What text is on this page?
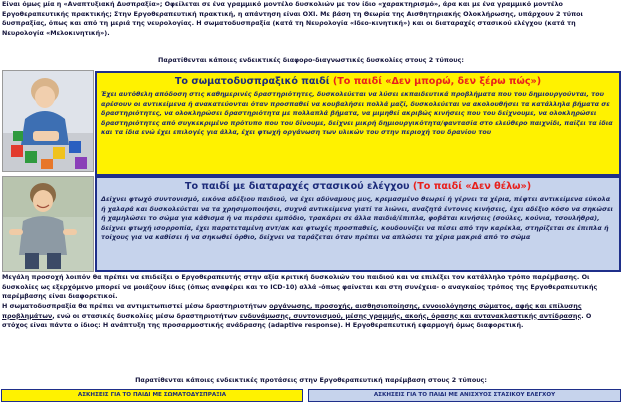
Είναι όμως μία η «Αναπτυξιακή Δυσπραξία»; Οφείλεται σε ένα γραμμικό μοντέλο δυσκολιών με τον ίδιο «χαρακτηρισμό», άρα και με ένα γραμμικό μοντέλο Εργοθεραπευτικής πρακτικής; Στην Εργοθεραπευτική πρακτική, η απάντηση είναι ΟΧΙ. Με βάση τη Θεωρία της Αισθητηριακής Ολοκλήρωσης, υπάρχουν 2 τύποι δυσπραξίας, όπως και από τη μεριά της νευρολογίας. Η σωματοδυσπραξία (κατά τη Νευρολογία «Ιδεο-κινητική») και οι διαταραχές στασικού ελέγχου (κατά τη Νευρολογία «Μελοκινητική»).

Παρατίθενται κάποιες ενδεικτικές διαφορο-διαγνωστικές δυσκολίες στους 2 τύπους:

Το σωματοδυσπραξικό παιδί (Το παιδί «Δεν μπορώ, δεν ξέρω πώς»)
Έχει αυτόθελη απόδοση στις καθημερινές δραστηριότητες, δυσκολεύεται να λύσει εκπαιδευτικά προβλήματα που του δημιουργούνται, του αρέσουν οι αντικείμενα ή ανακατεύονται όταν προσπαθεί να κουβαλήσει πολλά μαζί, δυσκολεύεται να ακολουθήσει τα κατάλληλα βήματα σε δραστηριότητες, να ολοκληρώσει δραστηριότητα με πολλαπλά βήματα, να μιμηθεί ακριβώς κινήσεις που του δείχνουμε, να ολοκληρώσει δραστηριότητες από συγκεκριμένο πρότυπο που του δίνουμε, δείχνει μικρή δημιουργικότητα/φαντασία στο ελεύθερο παιχνίδι, παίζει τα ίδια και τα ίδια ενώ έχει επιλογές για άλλα, έχει φτωχή οργάνωση των υλικών του στην περιοχή του δρανίου του
Το παιδί με διαταραχές στασικού ελέγχου (Το παιδί «Δεν θέλω»)
Δείχνει φτωχό συντονισμό, εικόνα αδέξιου παιδιού, να έχει αδύναμους μυς, κρεμασμένο θεωρεί ή γέρνει τα χέρια, πέφτει αντικείμενα εύκολα ή χαλαρά και δυσκολεύεται να τα χρησιμοποιήσει, συχνά αντικείμενα γιατί τα λιώνει, αναζητά έντονες κινήσεις, έχει αδέξιο κόσο να σηκώσει ή χαμηλώσει το σώμα για κάθισμα ή να περάσει εμπόδιο, τρακάρει σε άλλα παιδιά/έπιπλα, φοβάται κινήσεις (σούλες, κούνια, τσουλήθρα), δείχνει φτωχή ισορροπία, έχει παρατεταμένη αντ/ακ και φτωχές προσπαθείς, κουδουνίζει να πέσει από την καρέκλα, στηρίζεται σε έπιπλα ή τοίχους για να καθίσει ή να σηκωθεί όρθιο, δείχνει να ταράζεται όταν πρέπει να απλώσει τα χέρια μακριά από το σώμα

Μεγάλη προσοχή λοιπόν θα πρέπει να επιδείξει ο Εργοθεραπευτής στην αξία κριτική δυσκολιών του παιδιού και να επιλέξει τον κατάλληλο τρόπο παρέμβασης. Οι δυσκολίες ως εξερχόμενο μπορεί να μοιάζουν ίδιες (όπως αναφέρει και το ICD-10) αλλά -όπως φαίνεται και στη συνέχεια- ο αναγκαίος τρόπος της Εργοθεραπευτικής παρέμβασης είναι διαφορετικοί.

Η σωματοδυσπραξία θα πρέπει να αντιμετωπιστεί μέσω δραστηριοτήτων οργάνωσης, προσοχής, αισθησιοποίησης, εννοιολόγησης σώματος, αφής και επίλυσης προβλημάτων, ενώ οι στασικές δυσκολίες μέσω δραστηριοτήτων ενδυνάμωσης, συντονισμού, μέσης γραμμής, ακοής, όρασης και αντανακλαστικής αντίδρασης. Ο στόχος είναι πάντα ο ίδιος: Η ανάπτυξη της προσαρμοστικής ανάδρασης (adaptive response). Η Εργοθεραπευτική εφαρμογή όμως διαφορετική.

Παρατίθενται κάποιες ενδεικτικές προτάσεις στην Εργοθεραπευτική παρέμβαση στους 2 τύπους:

ΑΣΚΗΣΕΙΣ ΓΙΑ ΤΟ ΠΑΙΔΙ ΜΕ ΣΩΜΑΤΟΔΥΣΠΡΑΞΙΑ	ΑΣΚΗΣΕΙΣ ΓΙΑ ΤΟ ΠΑΙΔΙ ΜΕ ΑΝΙΣΧΥΟΣ ΣΤΑΣΙΚΟΥ ΕΛΕΓΧΟΥ
